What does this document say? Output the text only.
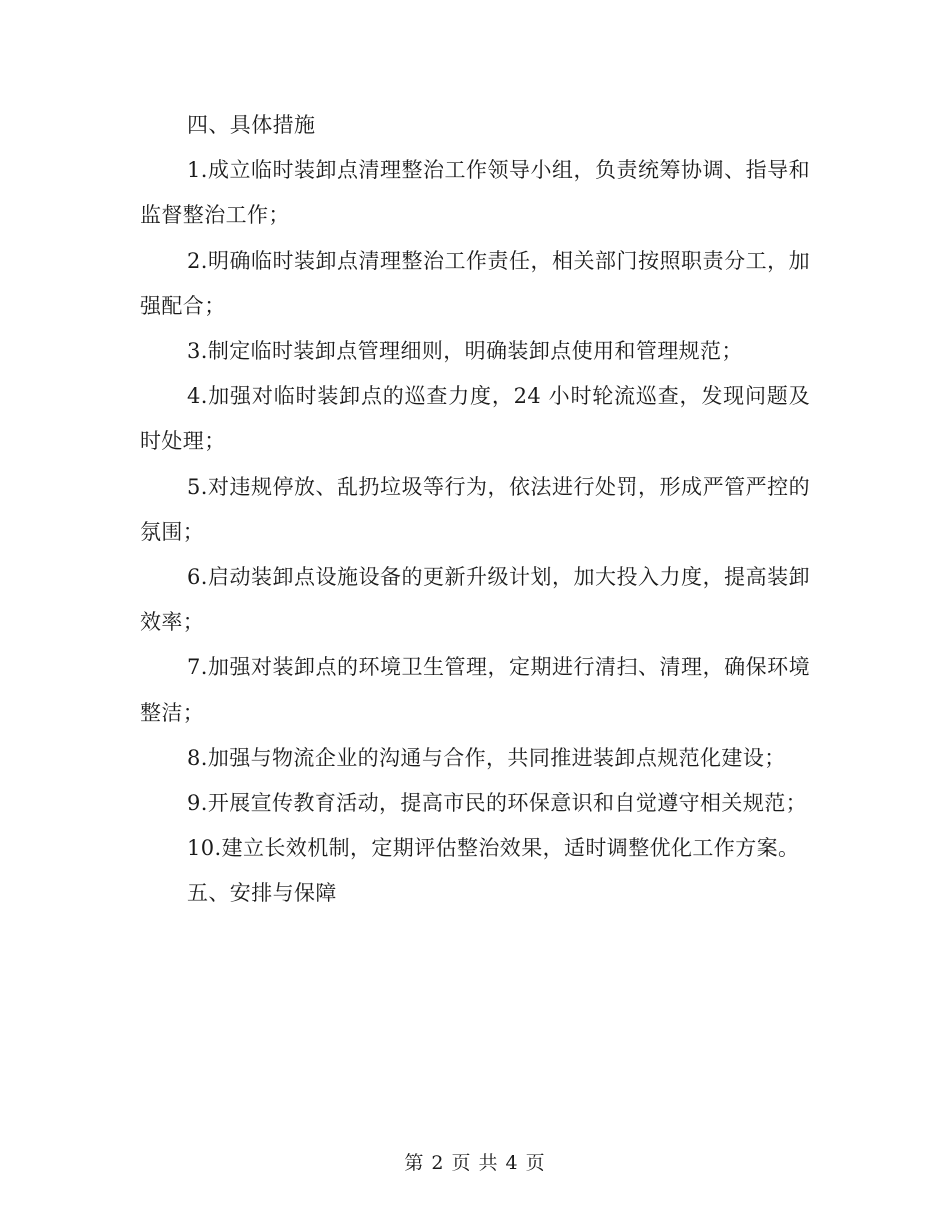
四、具体措施

1.成立临时装卸点清理整治工作领导小组，负责统筹协调、指导和监督整治工作；

2.明确临时装卸点清理整治工作责任，相关部门按照职责分工，加强配合；

3.制定临时装卸点管理细则，明确装卸点使用和管理规范；

4.加强对临时装卸点的巡查力度，24 小时轮流巡查，发现问题及时处理；

5.对违规停放、乱扔垃圾等行为，依法进行处罚，形成严管严控的氛围；

6.启动装卸点设施设备的更新升级计划，加大投入力度，提高装卸效率；

7.加强对装卸点的环境卫生管理，定期进行清扫、清理，确保环境整洁；

8.加强与物流企业的沟通与合作，共同推进装卸点规范化建设；

9.开展宣传教育活动，提高市民的环保意识和自觉遵守相关规范；

10.建立长效机制，定期评估整治效果，适时调整优化工作方案。

五、安排与保障

第 2 页 共 4 页
